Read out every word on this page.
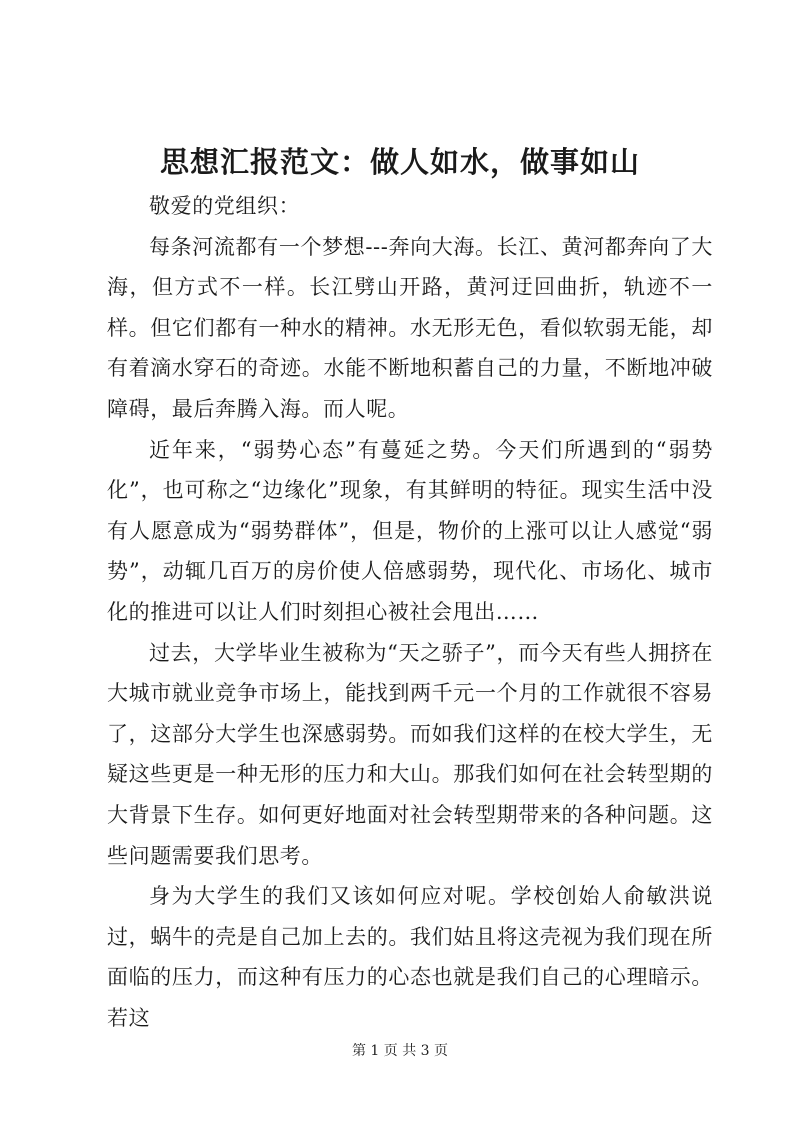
思想汇报范文：做人如水，做事如山

敬爱的党组织：

每条河流都有一个梦想---奔向大海。长江、黄河都奔向了大海，但方式不一样。长江劈山开路，黄河迂回曲折，轨迹不一样。但它们都有一种水的精神。水无形无色，看似软弱无能，却有着滴水穿石的奇迹。水能不断地积蓄自己的力量，不断地冲破障碍，最后奔腾入海。而人呢。

近年来，“弱势心态”有蔓延之势。今天们所遇到的“弱势化”，也可称之“边缘化”现象，有其鲜明的特征。现实生活中没有人愿意成为“弱势群体”，但是，物价的上涨可以让人感觉“弱势”，动辄几百万的房价使人倍感弱势，现代化、市场化、城市化的推进可以让人们时刻担心被社会甩出……

过去，大学毕业生被称为“天之骄子”，而今天有些人拥挤在大城市就业竞争市场上，能找到两千元一个月的工作就很不容易了，这部分大学生也深感弱势。而如我们这样的在校大学生，无疑这些更是一种无形的压力和大山。那我们如何在社会转型期的大背景下生存。如何更好地面对社会转型期带来的各种问题。这些问题需要我们思考。

身为大学生的我们又该如何应对呢。学校创始人俞敏洪说过，蜗牛的壳是自己加上去的。我们姑且将这壳视为我们现在所面临的压力，而这种有压力的心态也就是我们自己的心理暗示。若这

第 1 页 共 3 页
